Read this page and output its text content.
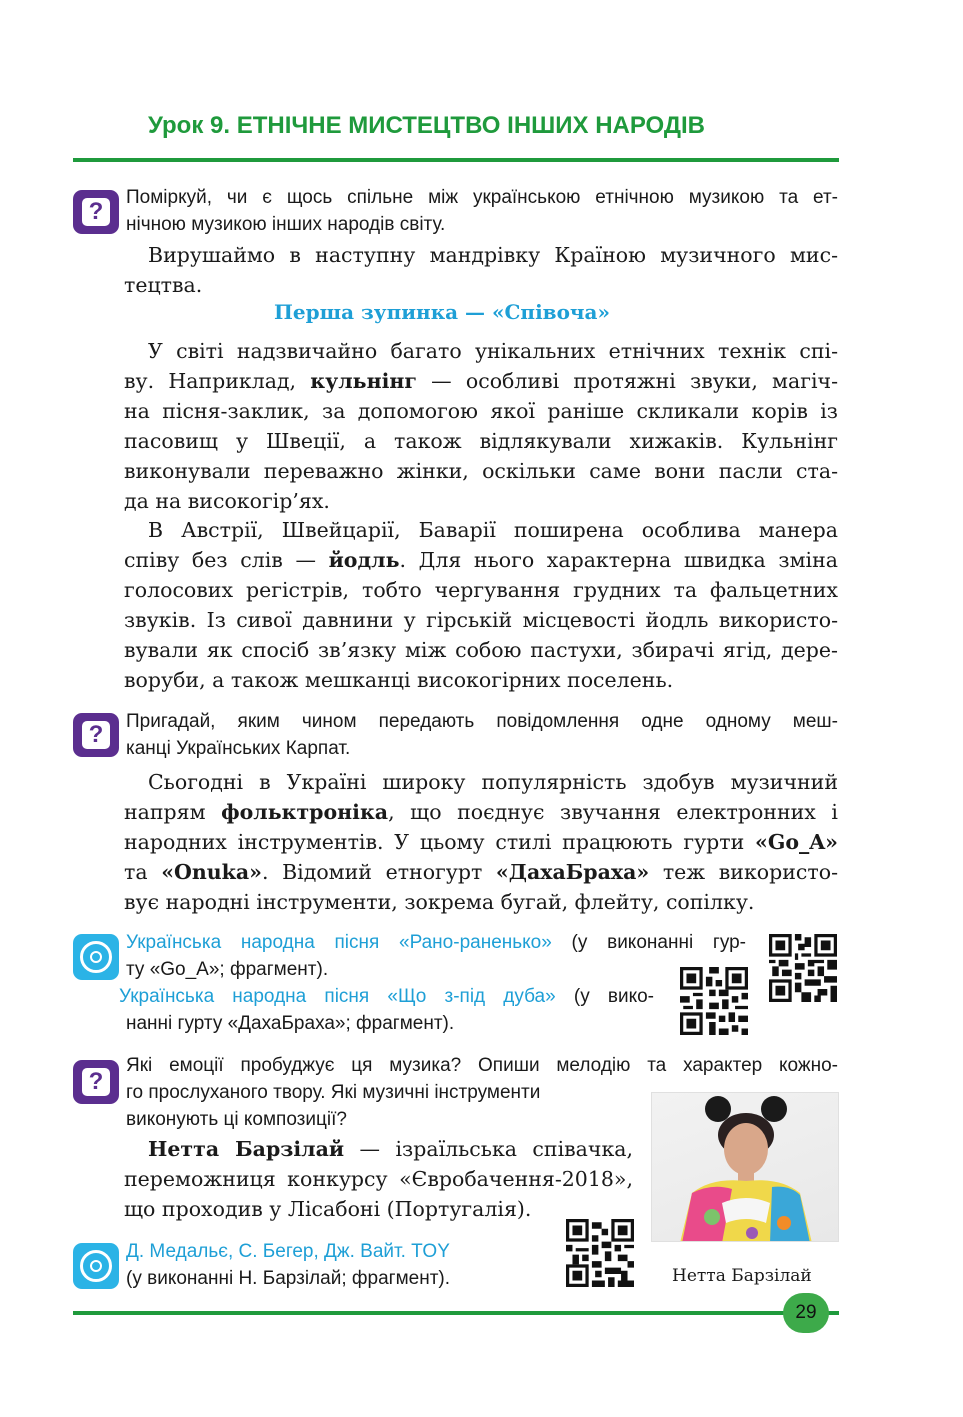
Урок 9. ЕТНІЧНЕ МИСТЕЦТВО ІНШИХ НАРОДІВ
?
Поміркуй, чи є щось спільне між українською етнічною музикою та ет-
нічною музикою інших народів світу.
Вирушаймо в наступну мандрівку Країною музичного мис-
тецтва.
Перша зупинка — «Співоча»
У світі надзвичайно багато унікальних етнічних технік спі-
ву. Наприклад, кульнінг — особливі протяжні звуки, магіч-
на пісня-заклик, за допомогою якої раніше скликали корів із
пасовищ у Швеції, а також відлякували хижаків. Кульнінг
виконували переважно жінки, оскільки саме вони пасли ста-
да на високогір’ях.
В Австрії, Швейцарії, Баварії поширена особлива манера
співу без слів — йодль. Для нього характерна швидка зміна
голосових регістрів, тобто чергування грудних та фальцетних
звуків. Із сивої давнини у гірській місцевості йодль використо-
вували як спосіб зв’язку між собою пастухи, збирачі ягід, дере-
воруби, а також мешканці високогірних поселень.
?	Пригадай, яким чином передають повідомлення одне одному меш-
канці Українських Карпат.
Сьогодні в Україні широку популярність здобув музичний
напрям фольктроніка, що поєднує звучання електронних і
народних інструментів. У цьому стилі працюють гурти «Go_A»
та «Onuka». Відомий етногурт «ДахаБраха» теж використо-
вує народні інструменти, зокрема бугай, флейту, сопілку.
Українська народна пісня «Рано-раненько» (у виконанні гур-
ту «Go_A»; фрагмент).
Українська народна пісня «Що з-під дуба» (у вико-
нанні гурту «ДахаБраха»; фрагмент).
?
Які емоції пробуджує ця музика? Опиши мелодію та характер кожно-
го прослуханого твору. Які музичні інструменти
виконують ці композиції?
Нетта Барзілай — ізраїльська співачка,
переможниця конкурсу «Євробачення-2018»,
що проходив у Лісабоні (Португалія).
Д. Медальє, С. Бегер, Дж. Вайт. TOY
(у виконанні Н. Барзілай; фрагмент).	Нетта Барзілай
29
